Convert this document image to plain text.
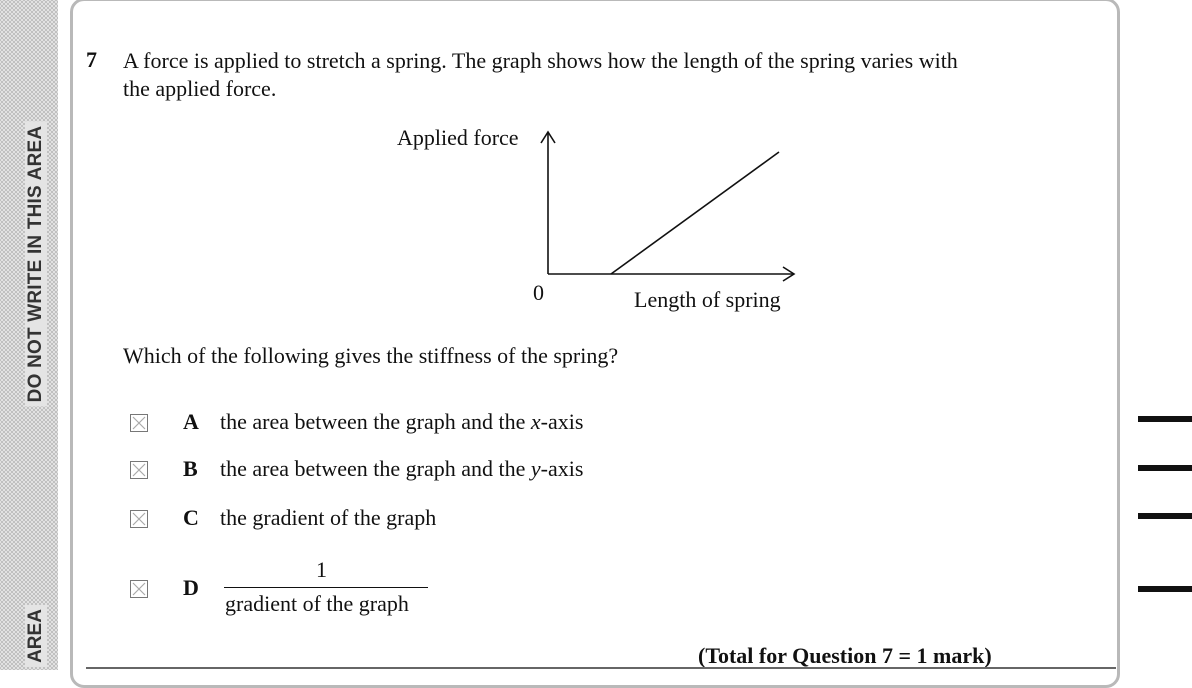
DO NOT WRITE IN THIS AREA
AREA
7 A force is applied to stretch a spring. The graph shows how the length of the spring varies with the applied force.
Applied force
0	Length of spring
Which of the following gives the stiffness of the spring?
A the area between the graph and the x-axis
B the area between the graph and the y-axis
C the gradient of the graph
D
1
gradient of the graph
(Total for Question 7 = 1 mark)
